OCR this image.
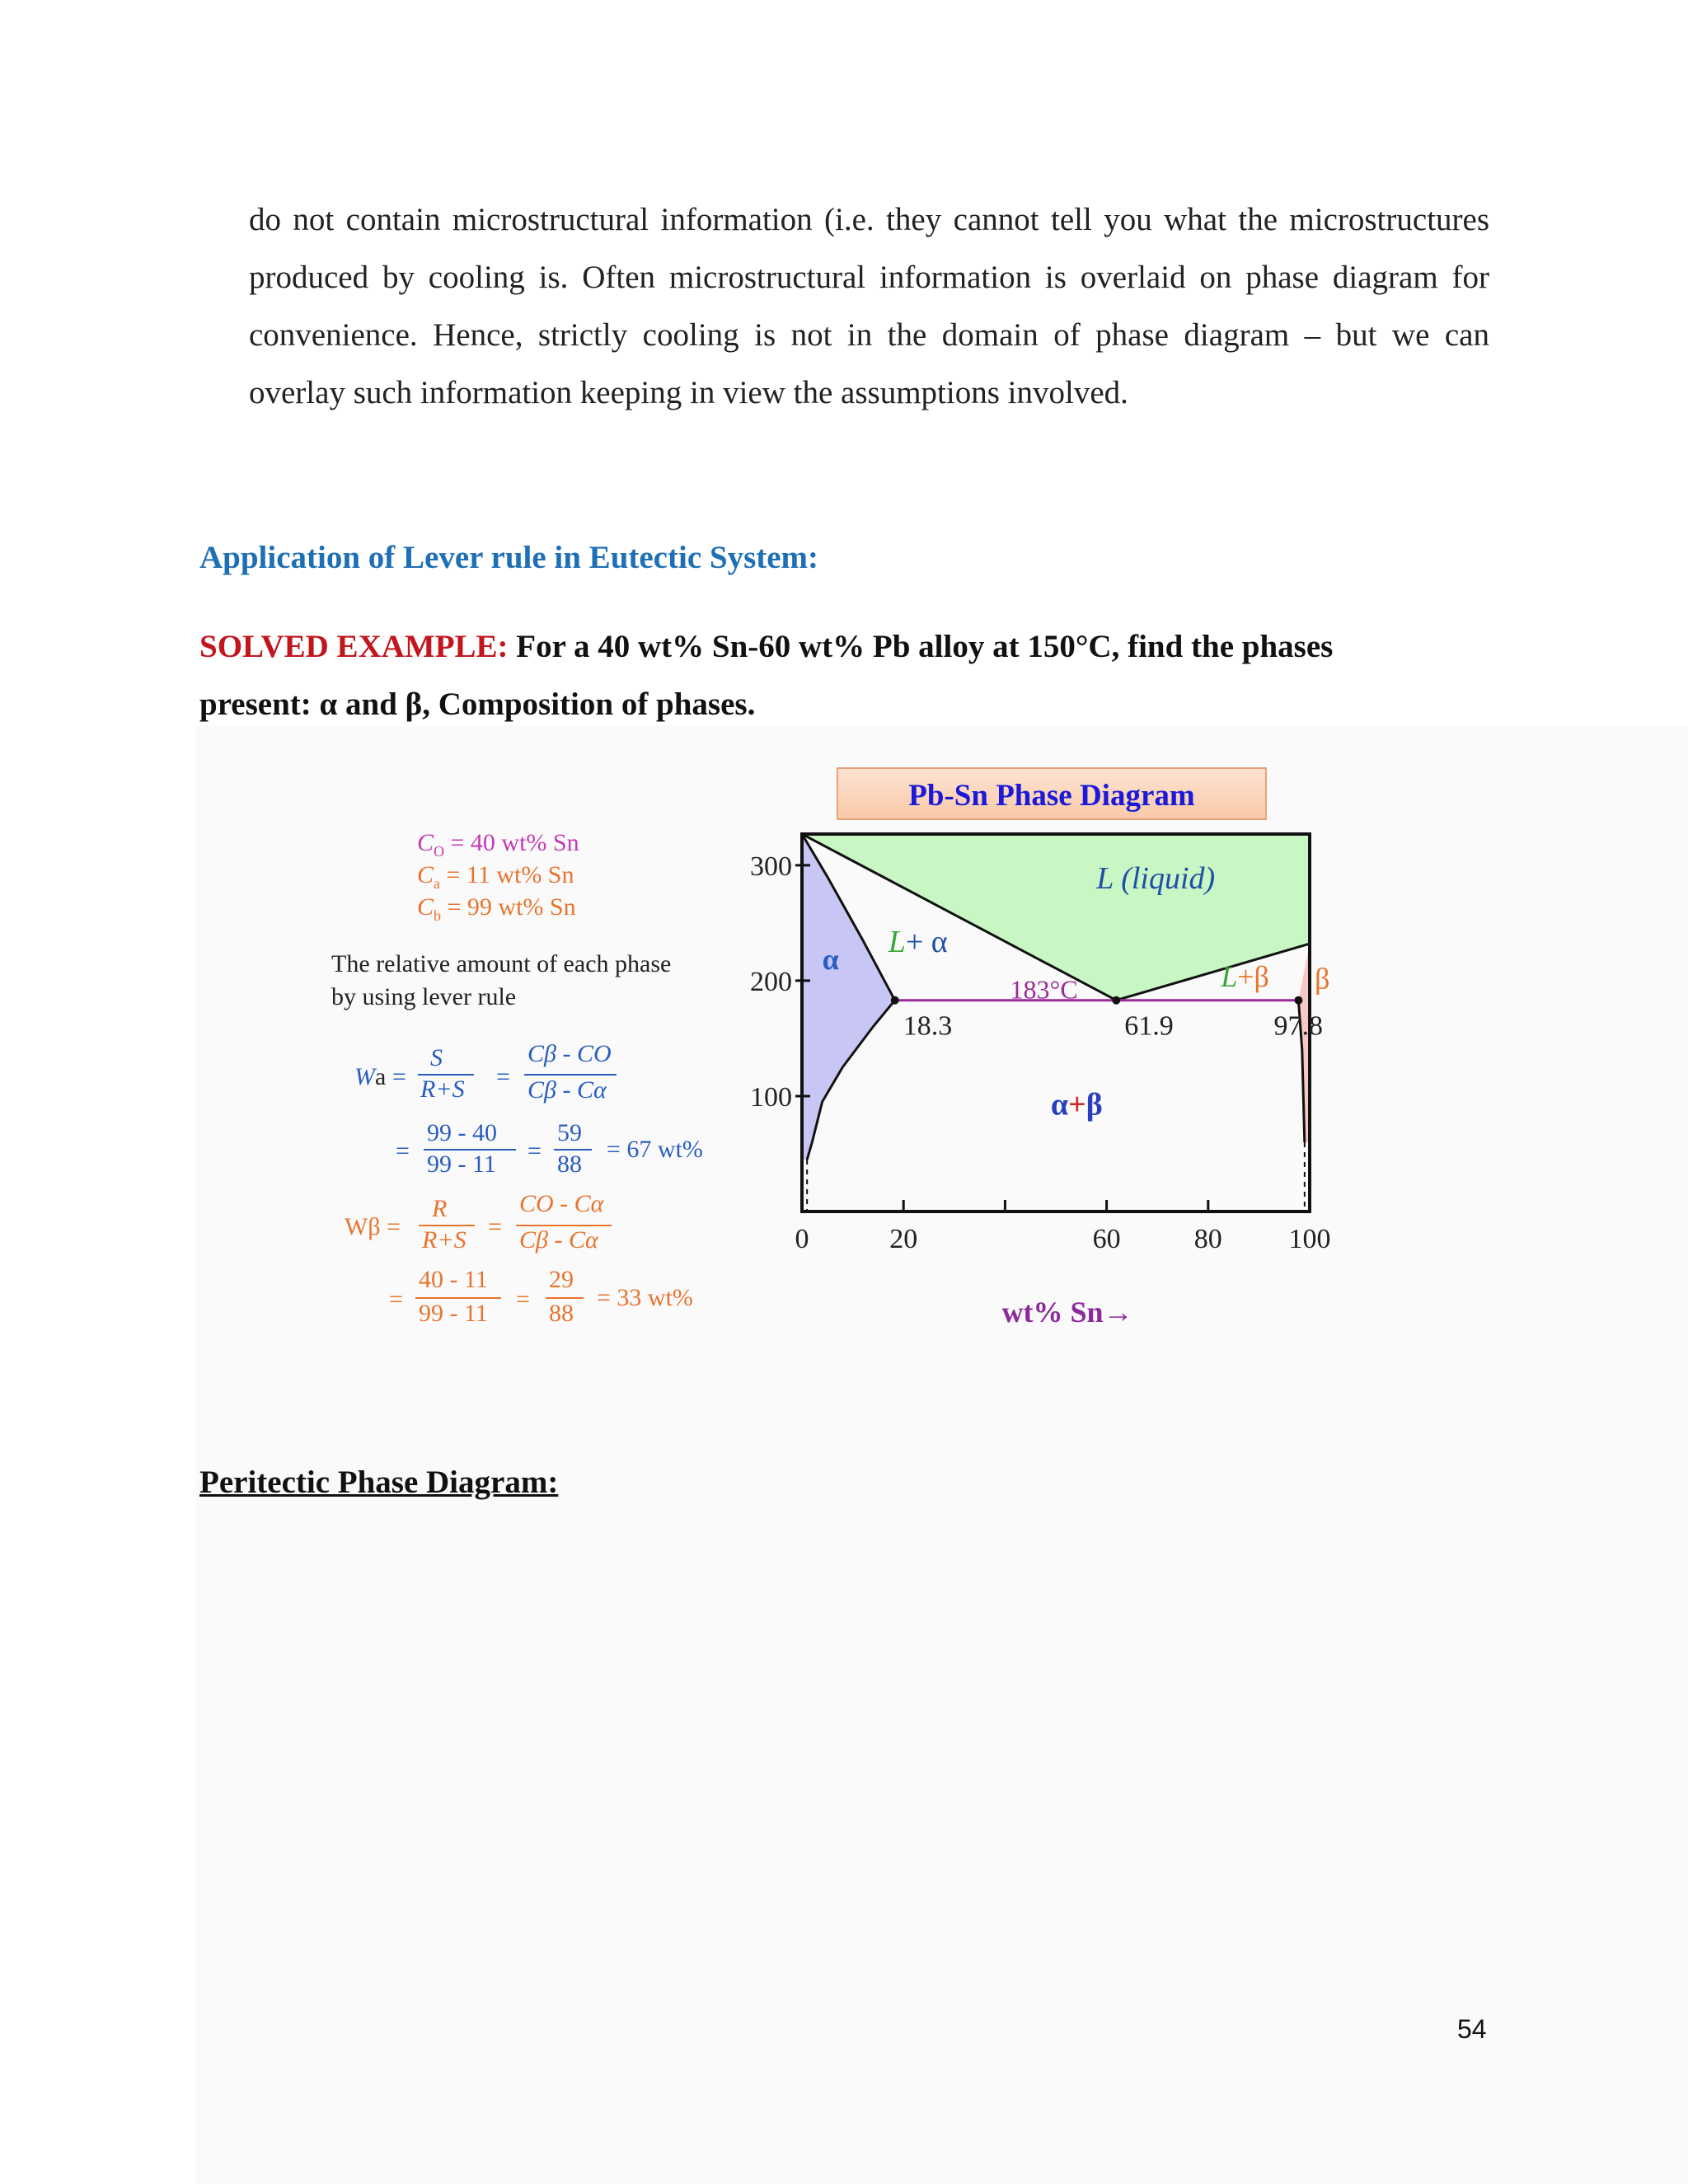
do not contain microstructural information (i.e. they cannot tell you what the microstructures
produced by cooling is. Often microstructural information is overlaid on phase diagram for
convenience. Hence, strictly cooling is not in the domain of phase diagram – but we can
overlay such information keeping in view the assumptions involved.
Application of Lever rule in Eutectic System:
SOLVED EXAMPLE: For a 40 wt% Sn-60 wt% Pb alloy at 150°C, find the phases
present: α and β, Composition of phases.
$C_O = 40$ wt% Sn
$C_a = 11$ wt% Sn
$C_b = 99$ wt% Sn
The relative amount of each phase
by using lever rule
Wa =
S
R+S =
Cβ - CO
Cβ - Cα
=
99 - 40
99 - 11 =
59
88
= 67 wt%
Wβ =
R
R+S =
CO - Cα
Cβ - Cα
=
40 - 11
99 - 11
=
29
88
= 33 wt%
Pb-Sn Phase Diagram
18.3	61.9	97.8
183°C
100
200
300
0	20	60	80 100
wt% Sn→
L (liquid)
L+ α
L+β
α
β
α+β
Peritectic Phase Diagram:
54
